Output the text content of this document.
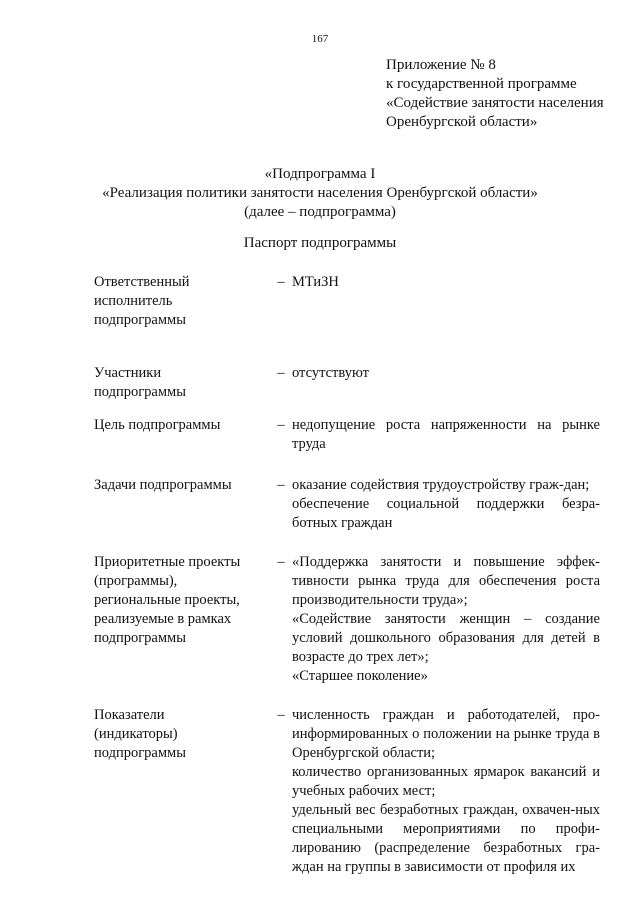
167
Приложение № 8
к государственной программе
«Содействие занятости населения
Оренбургской области»
«Подпрограмма I
«Реализация политики занятости населения Оренбургской области»
(далее – подпрограмма)
Паспорт подпрограммы
Ответственный
исполнитель
подпрограммы
– МТиЗН
Участники
подпрограммы
– отсутствуют
Цель подпрограммы	– недопущение роста напряженности на рынке труда
Задачи подпрограммы	– оказание содействия трудоустройству граж-дан;
обеспечение социальной поддержки безра-ботных граждан
Приоритетные проекты
(программы),
региональные проекты,
реализуемые в рамках
подпрограммы
– «Поддержка занятости и повышение эффек-тивности рынка труда для обеспечения роста производительности труда»;
«Содействие занятости женщин – создание условий дошкольного образования для детей в возрасте до трех лет»;
«Старшее поколение»
Показатели
(индикаторы)
подпрограммы
– численность граждан и работодателей, про-информированных о положении на рынке труда в Оренбургской области;
количество организованных ярмарок вакансий и учебных рабочих мест;
удельный вес безработных граждан, охвачен-ных специальными мероприятиями по профи-лированию (распределение безработных гра-ждан на группы в зависимости от профиля их
